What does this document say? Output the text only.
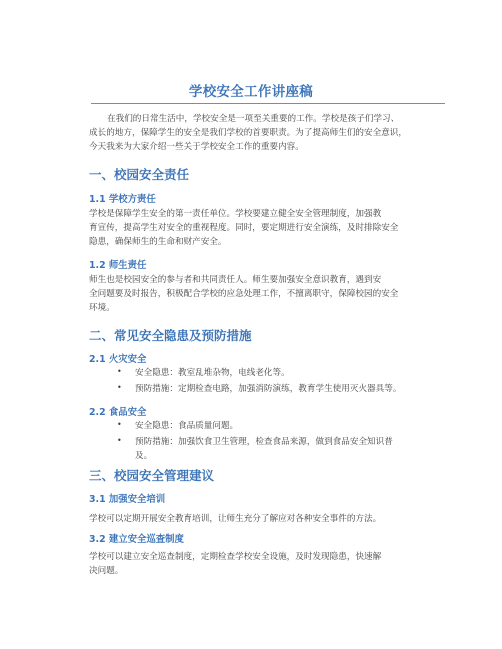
学校安全工作讲座稿
在我们的日常生活中，学校安全是一项至关重要的工作。学校是孩子们学习、
成长的地方，保障学生的安全是我们学校的首要职责。为了提高师生们的安全意识，
今天我来为大家介绍一些关于学校安全工作的重要内容。
一、校园安全责任
1.1 学校方责任
学校是保障学生安全的第一责任单位。学校要建立健全安全管理制度，加强教
育宣传，提高学生对安全的重视程度。同时，要定期进行安全演练，及时排除安全
隐患，确保师生的生命和财产安全。
1.2 师生责任
师生也是校园安全的参与者和共同责任人。师生要加强安全意识教育，遇到安
全问题要及时报告，积极配合学校的应急处理工作，不擅离职守，保障校园的安全
环境。
二、常见安全隐患及预防措施
2.1 火灾安全
• 安全隐患：教室乱堆杂物，电线老化等。
• 预防措施：定期检查电路，加强消防演练，教育学生使用灭火器具等。
2.2 食品安全
• 安全隐患：食品质量问题。
• 预防措施：加强饮食卫生管理，检查食品来源，做到食品安全知识普
及。
三、校园安全管理建议
3.1 加强安全培训
学校可以定期开展安全教育培训，让师生充分了解应对各种安全事件的方法。
3.2 建立安全巡查制度
学校可以建立安全巡查制度，定期检查学校安全设施，及时发现隐患，快速解
决问题。
